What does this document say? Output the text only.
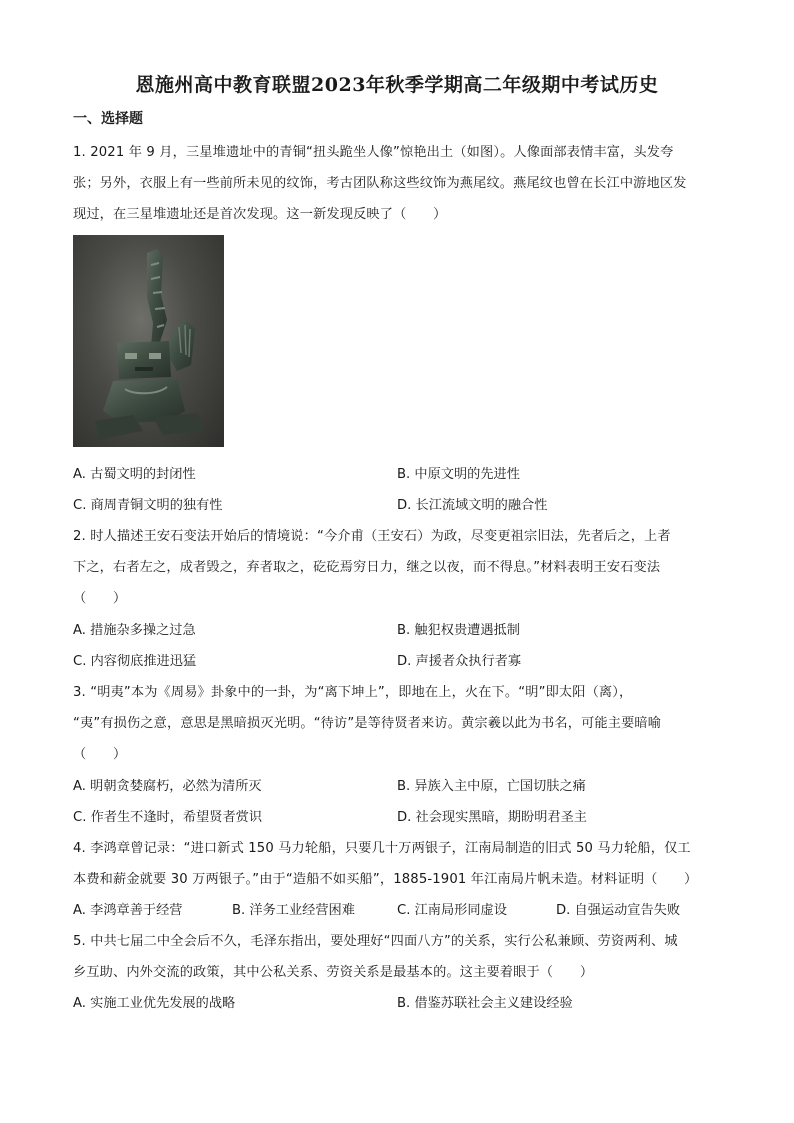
恩施州高中教育联盟2023年秋季学期高二年级期中考试历史
一、选择题
1. 2021 年 9 月，三星堆遗址中的青铜“扭头跪坐人像”惊艳出土（如图）。人像面部表情丰富，头发夸
张；另外，衣服上有一些前所未见的纹饰，考古团队称这些纹饰为燕尾纹。燕尾纹也曾在长江中游地区发
现过，在三星堆遗址还是首次发现。这一新发现反映了（　　）
A. 古蜀文明的封闭性	B. 中原文明的先进性
C. 商周青铜文明的独有性	D. 长江流域文明的融合性
2. 时人描述王安石变法开始后的情境说：“今介甫（王安石）为政，尽变更祖宗旧法，先者后之，上者
下之，右者左之，成者毁之，弃者取之，矻矻焉穷日力，继之以夜，而不得息。”材料表明王安石变法
（　　）
A. 措施杂多操之过急	B. 触犯权贵遭遇抵制
C. 内容彻底推进迅猛	D. 声援者众执行者寡
3. “明夷”本为《周易》卦象中的一卦，为“离下坤上”，即地在上，火在下。“明”即太阳（离），
“夷”有损伤之意，意思是黑暗损灭光明。“待访”是等待贤者来访。黄宗羲以此为书名，可能主要暗喻
（　　）
A. 明朝贪婪腐朽，必然为清所灭	B. 异族入主中原，亡国切肤之痛
C. 作者生不逢时，希望贤者赏识	D. 社会现实黑暗，期盼明君圣主
4. 李鸿章曾记录：“进口新式 150 马力轮船，只要几十万两银子，江南局制造的旧式 50 马力轮船，仅工
本费和薪金就要 30 万两银子。”由于“造船不如买船”，1885-1901 年江南局片帆未造。材料证明（　　）
A. 李鸿章善于经营	B. 洋务工业经营困难	C. 江南局形同虚设	D. 自强运动宣告失败
5. 中共七届二中全会后不久，毛泽东指出，要处理好“四面八方”的关系，实行公私兼顾、劳资两利、城
乡互助、内外交流的政策，其中公私关系、劳资关系是最基本的。这主要着眼于（　　）
A. 实施工业优先发展的战略	B. 借鉴苏联社会主义建设经验
